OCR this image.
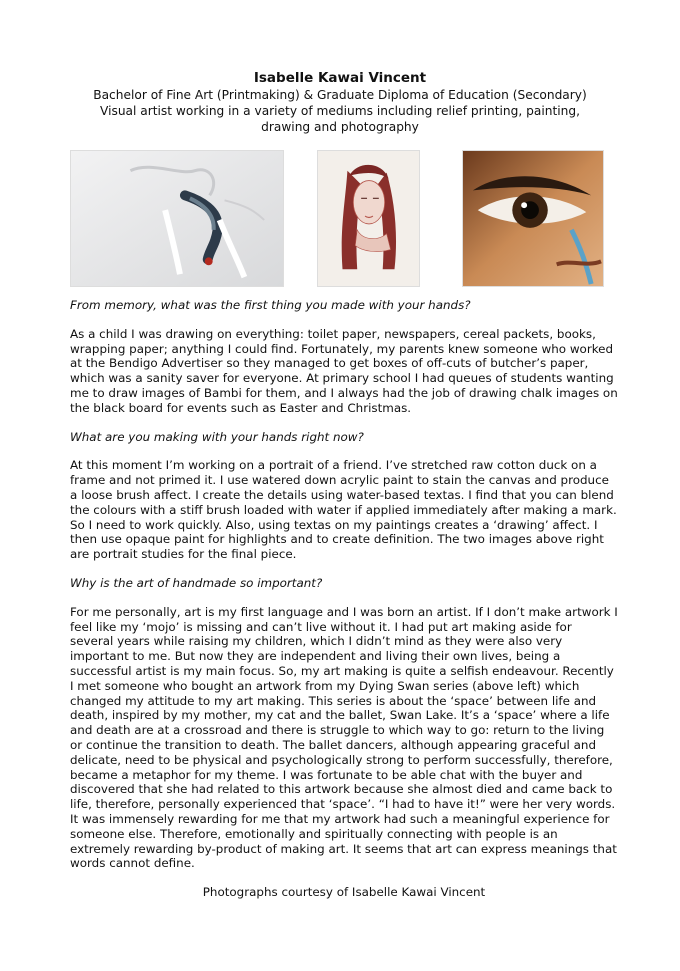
Isabelle Kawai Vincent
Bachelor of Fine Art (Printmaking) & Graduate Diploma of Education (Secondary)
Visual artist working in a variety of mediums including relief printing, painting,
drawing and photography
From memory, what was the first thing you made with your hands?
As a child I was drawing on everything: toilet paper, newspapers, cereal packets, books, wrapping paper; anything I could find. Fortunately, my parents knew someone who worked at the Bendigo Advertiser so they managed to get boxes of off-cuts of butcher’s paper, which was a sanity saver for everyone. At primary school I had queues of students wanting me to draw images of Bambi for them, and I always had the job of drawing chalk images on the black board for events such as Easter and Christmas.
What are you making with your hands right now?
At this moment I’m working on a portrait of a friend. I’ve stretched raw cotton duck on a frame and not primed it. I use watered down acrylic paint to stain the canvas and produce a loose brush affect. I create the details using water-based textas. I find that you can blend the colours with a stiff brush loaded with water if applied immediately after making a mark. So I need to work quickly. Also, using textas on my paintings creates a ‘drawing’ affect. I then use opaque paint for highlights and to create definition. The two images above right are portrait studies for the final piece.
Why is the art of handmade so important?
For me personally, art is my first language and I was born an artist. If I don’t make artwork I feel like my ‘mojo’ is missing and can’t live without it. I had put art making aside for several years while raising my children, which I didn’t mind as they were also very important to me. But now they are independent and living their own lives, being a successful artist is my main focus. So, my art making is quite a selfish endeavour. Recently I met someone who bought an artwork from my Dying Swan series (above left) which changed my attitude to my art making. This series is about the ‘space’ between life and death, inspired by my mother, my cat and the ballet, Swan Lake. It’s a ‘space’ where a life and death are at a crossroad and there is struggle to which way to go: return to the living or continue the transition to death. The ballet dancers, although appearing graceful and delicate, need to be physical and psychologically strong to perform successfully, therefore, became a metaphor for my theme. I was fortunate to be able chat with the buyer and discovered that she had related to this artwork because she almost died and came back to life, therefore, personally experienced that ‘space’. “I had to have it!” were her very words. It was immensely rewarding for me that my artwork had such a meaningful experience for someone else. Therefore, emotionally and spiritually connecting with people is an extremely rewarding by-product of making art. It seems that art can express meanings that words cannot define.
Photographs courtesy of Isabelle Kawai Vincent
